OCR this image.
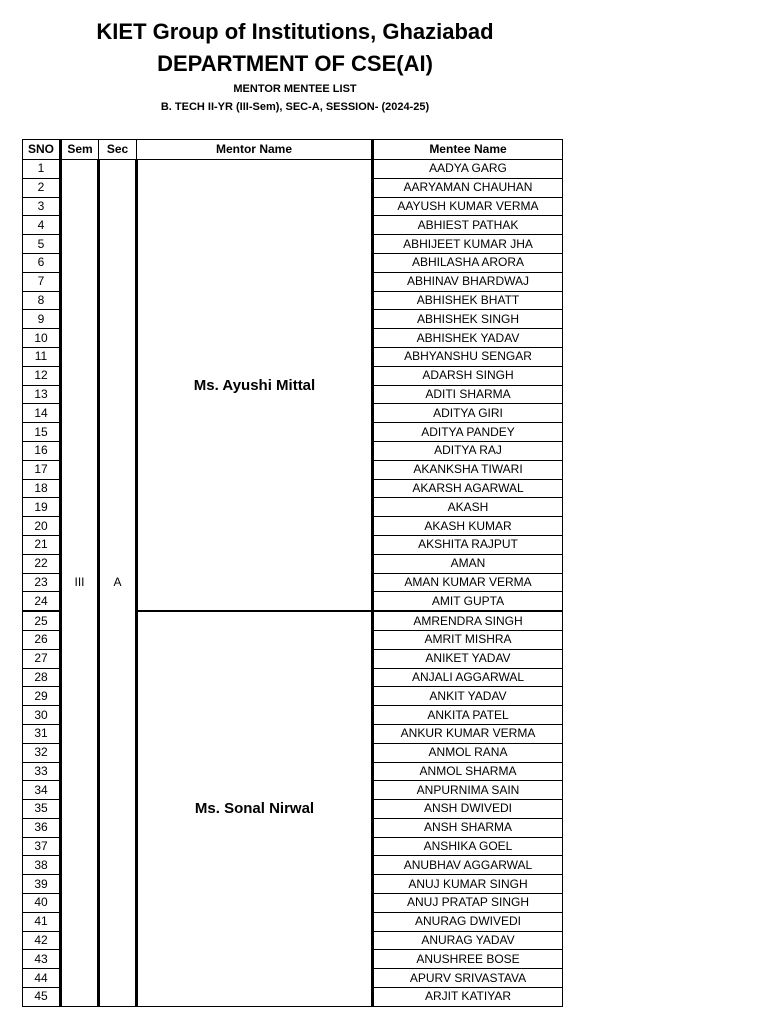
KIET Group of Institutions, Ghaziabad
DEPARTMENT OF CSE(AI)
MENTOR MENTEE LIST
B. TECH II-YR (III-Sem), SEC-A, SESSION- (2024-25)
SNO	Sem	Sec	Mentor Name	Mentee Name
1	III	A	Ms. Ayushi Mittal	AADYA GARG
2				AARYAMAN CHAUHAN
3				AAYUSH KUMAR VERMA
4				ABHIEST PATHAK
5				ABHIJEET KUMAR JHA
6				ABHILASHA ARORA
7				ABHINAV BHARDWAJ
8				ABHISHEK BHATT
9				ABHISHEK SINGH
10				ABHISHEK YADAV
11				ABHYANSHU SENGAR
12				ADARSH SINGH
13				ADITI SHARMA
14				ADITYA GIRI
15				ADITYA PANDEY
16				ADITYA RAJ
17				AKANKSHA TIWARI
18				AKARSH AGARWAL
19				AKASH
20				AKASH KUMAR
21				AKSHITA RAJPUT
22				AMAN
23				AMAN KUMAR VERMA
24				AMIT GUPTA
25			Ms. Sonal Nirwal	AMRENDRA SINGH
26				AMRIT MISHRA
27				ANIKET YADAV
28				ANJALI AGGARWAL
29				ANKIT YADAV
30				ANKITA PATEL
31				ANKUR KUMAR VERMA
32				ANMOL RANA
33				ANMOL SHARMA
34				ANPURNIMA SAIN
35				ANSH DWIVEDI
36				ANSH SHARMA
37				ANSHIKA GOEL
38				ANUBHAV AGGARWAL
39				ANUJ KUMAR SINGH
40				ANUJ PRATAP SINGH
41				ANURAG DWIVEDI
42				ANURAG YADAV
43				ANUSHREE BOSE
44				APURV SRIVASTAVA
45				ARJIT KATIYAR
